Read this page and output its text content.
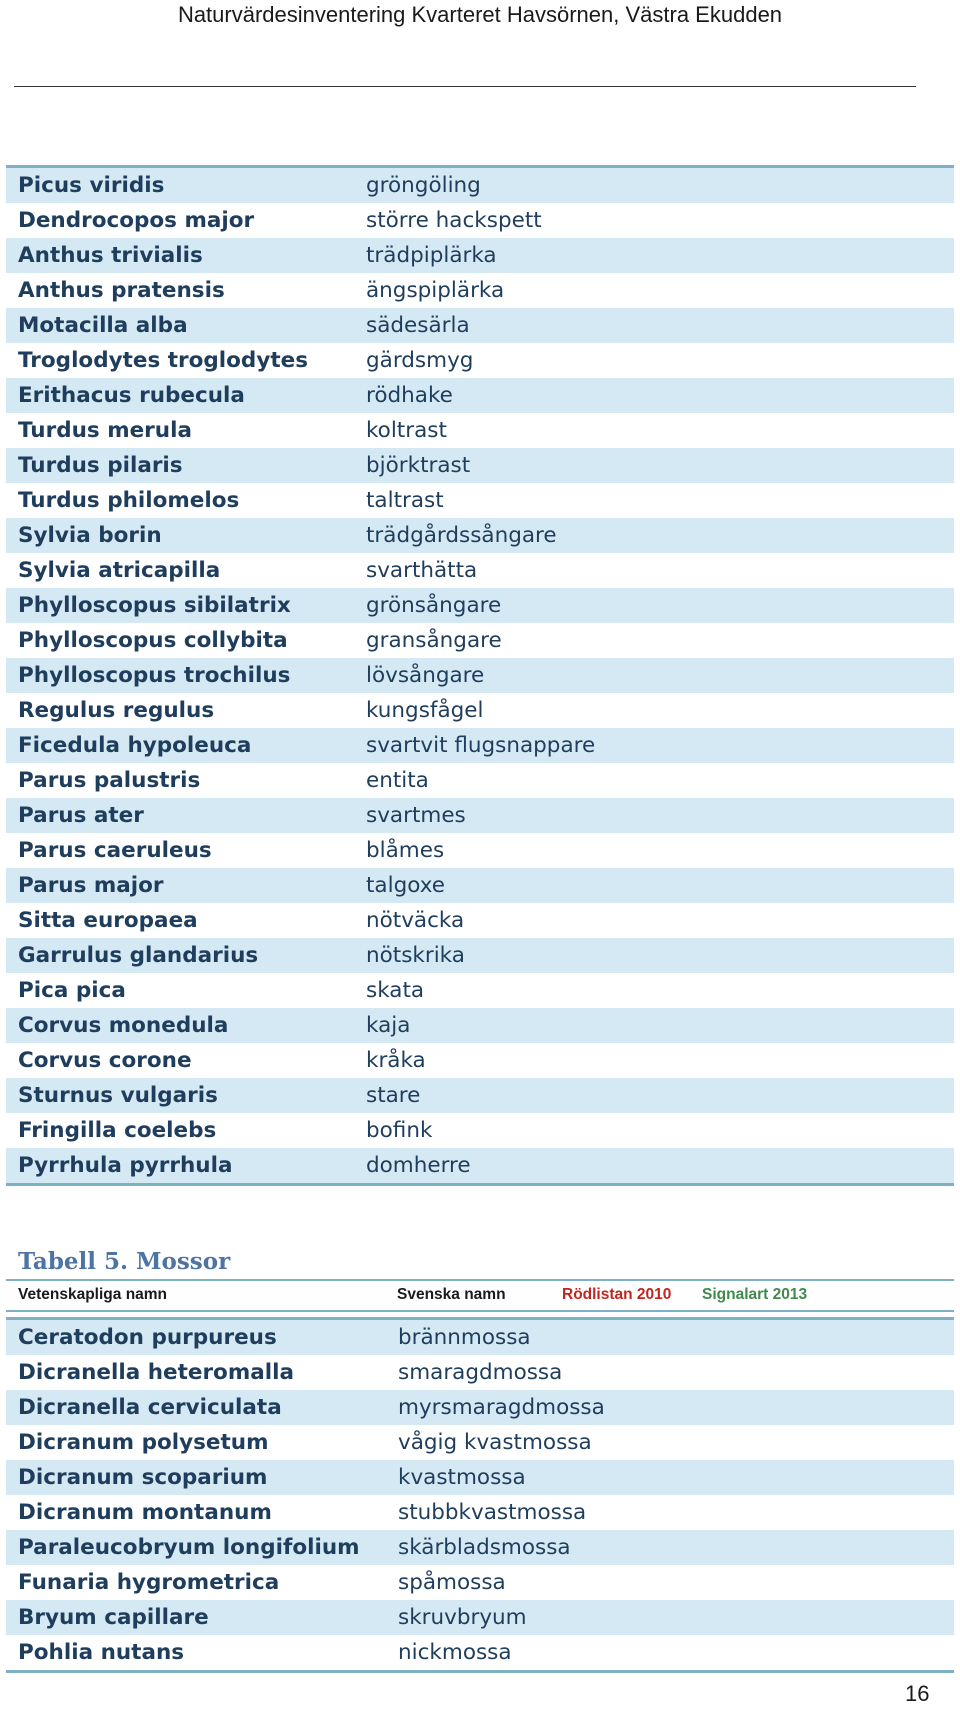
Naturvärdesinventering Kvarteret Havsörnen, Västra Ekudden
Picus viridis	gröngöling
Dendrocopos major	större hackspett
Anthus trivialis	trädpiplärka
Anthus pratensis	ängspiplärka
Motacilla alba	sädesärla
Troglodytes troglodytes	gärdsmyg
Erithacus rubecula	rödhake
Turdus merula	koltrast
Turdus pilaris	björktrast
Turdus philomelos	taltrast
Sylvia borin	trädgårdssångare
Sylvia atricapilla	svarthätta
Phylloscopus sibilatrix	grönsångare
Phylloscopus collybita	gransångare
Phylloscopus trochilus	lövsångare
Regulus regulus	kungsfågel
Ficedula hypoleuca	svartvit flugsnappare
Parus palustris	entita
Parus ater	svartmes
Parus caeruleus	blåmes
Parus major	talgoxe
Sitta europaea	nötväcka
Garrulus glandarius	nötskrika
Pica pica	skata
Corvus monedula	kaja
Corvus corone	kråka
Sturnus vulgaris	stare
Fringilla coelebs	bofink
Pyrrhula pyrrhula	domherre
Tabell 5. Mossor
Vetenskapliga namn	Svenska namn	Rödlistan 2010 Signalart 2013
Ceratodon purpureus	brännmossa
Dicranella heteromalla	smaragdmossa
Dicranella cerviculata	myrsmaragdmossa
Dicranum polysetum	vågig kvastmossa
Dicranum scoparium	kvastmossa
Dicranum montanum	stubbkvastmossa
Paraleucobryum longifolium	skärbladsmossa
Funaria hygrometrica	spåmossa
Bryum capillare	skruvbryum
Pohlia nutans	nickmossa
16
